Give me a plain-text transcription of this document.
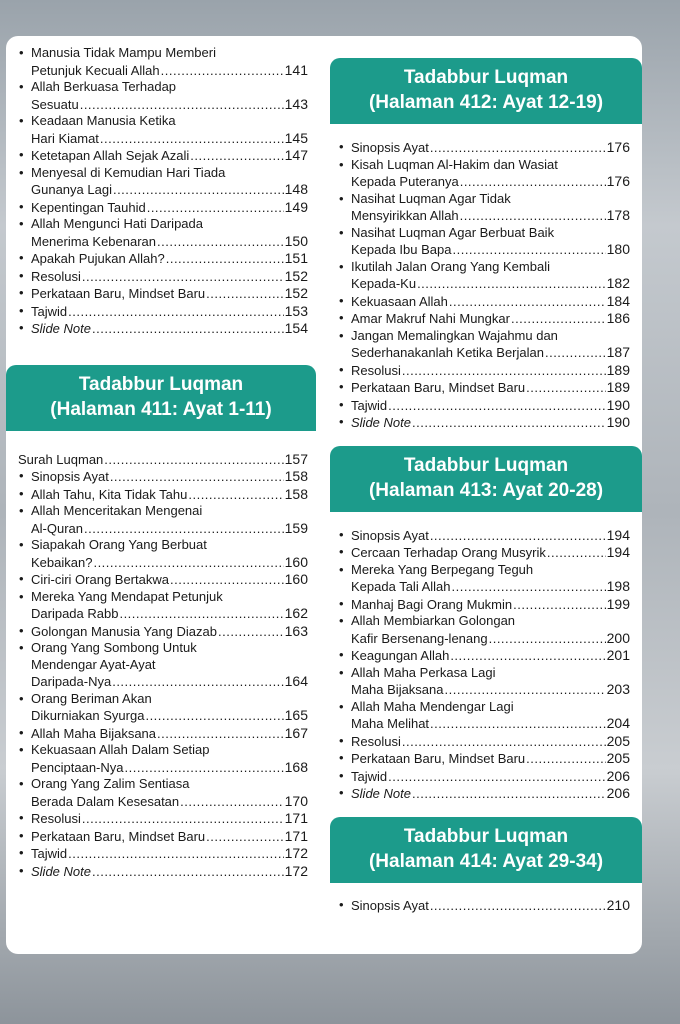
• Manusia Tidak Mampu Memberi
Petunjuk Kecuali Allah .....	141
• Allah Berkuasa Terhadap
Sesuatu .....	143
• Keadaan Manusia Ketika
Hari Kiamat .....	145
• Ketetapan Allah Sejak Azali .....	147
• Menyesal di Kemudian Hari Tiada
Gunanya Lagi .....	148
• Kepentingan Tauhid .....	149
• Allah Mengunci Hati Daripada
Menerima Kebenaran .....	150
• Apakah Pujukan Allah? .....	151
• Resolusi .....	152
• Perkataan Baru, Mindset Baru .....	152
• Tajwid .....	153
• Slide Note .....	154
Tadabbur Luqman
(Halaman 411: Ayat 1-11)
Surah Luqman .....	157
• Sinopsis Ayat .....	158
• Allah Tahu, Kita Tidak Tahu .....	158
• Allah Menceritakan Mengenai
Al-Quran .....	159
• Siapakah Orang Yang Berbuat
Kebaikan? .....	160
• Ciri-ciri Orang Bertakwa .....	160
• Mereka Yang Mendapat Petunjuk
Daripada Rabb .....	162
• Golongan Manusia Yang Diazab .....	163
• Orang Yang Sombong Untuk
Mendengar Ayat-Ayat
Daripada-Nya .....	164
• Orang Beriman Akan
Dikurniakan Syurga .....	165
• Allah Maha Bijaksana .....	167
• Kekuasaan Allah Dalam Setiap
Penciptaan-Nya .....	168
• Orang Yang Zalim Sentiasa
Berada Dalam Kesesatan .....	170
• Resolusi .....	171
• Perkataan Baru, Mindset Baru .....	171
• Tajwid .....	172
• Slide Note .....	172
Tadabbur Luqman
(Halaman 412: Ayat 12-19)
• Sinopsis Ayat .....	176
• Kisah Luqman Al-Hakim dan Wasiat
Kepada Puteranya .....	176
• Nasihat Luqman Agar Tidak
Mensyirikkan Allah .....	178
• Nasihat Luqman Agar Berbuat Baik
Kepada Ibu Bapa .....	180
• Ikutilah Jalan Orang Yang Kembali
Kepada-Ku .....	182
• Kekuasaan Allah .....	184
• Amar Makruf Nahi Mungkar .....	186
• Jangan Memalingkan Wajahmu dan
Sederhanakanlah Ketika Berjalan .....	187
• Resolusi .....	189
• Perkataan Baru, Mindset Baru .....	189
• Tajwid .....	190
• Slide Note .....	190
Tadabbur Luqman
(Halaman 413: Ayat 20-28)
• Sinopsis Ayat .....	194
• Cercaan Terhadap Orang Musyrik .....	194
• Mereka Yang Berpegang Teguh
Kepada Tali Allah .....	198
• Manhaj Bagi Orang Mukmin .....	199
• Allah Membiarkan Golongan
Kafir Bersenang-lenang .....	200
• Keagungan Allah .....	201
• Allah Maha Perkasa Lagi
Maha Bijaksana .....	203
• Allah Maha Mendengar Lagi
Maha Melihat .....	204
• Resolusi .....	205
• Perkataan Baru, Mindset Baru .....	205
• Tajwid .....	206
• Slide Note .....	206
Tadabbur Luqman
(Halaman 414: Ayat 29-34)
• Sinopsis Ayat .....	210
